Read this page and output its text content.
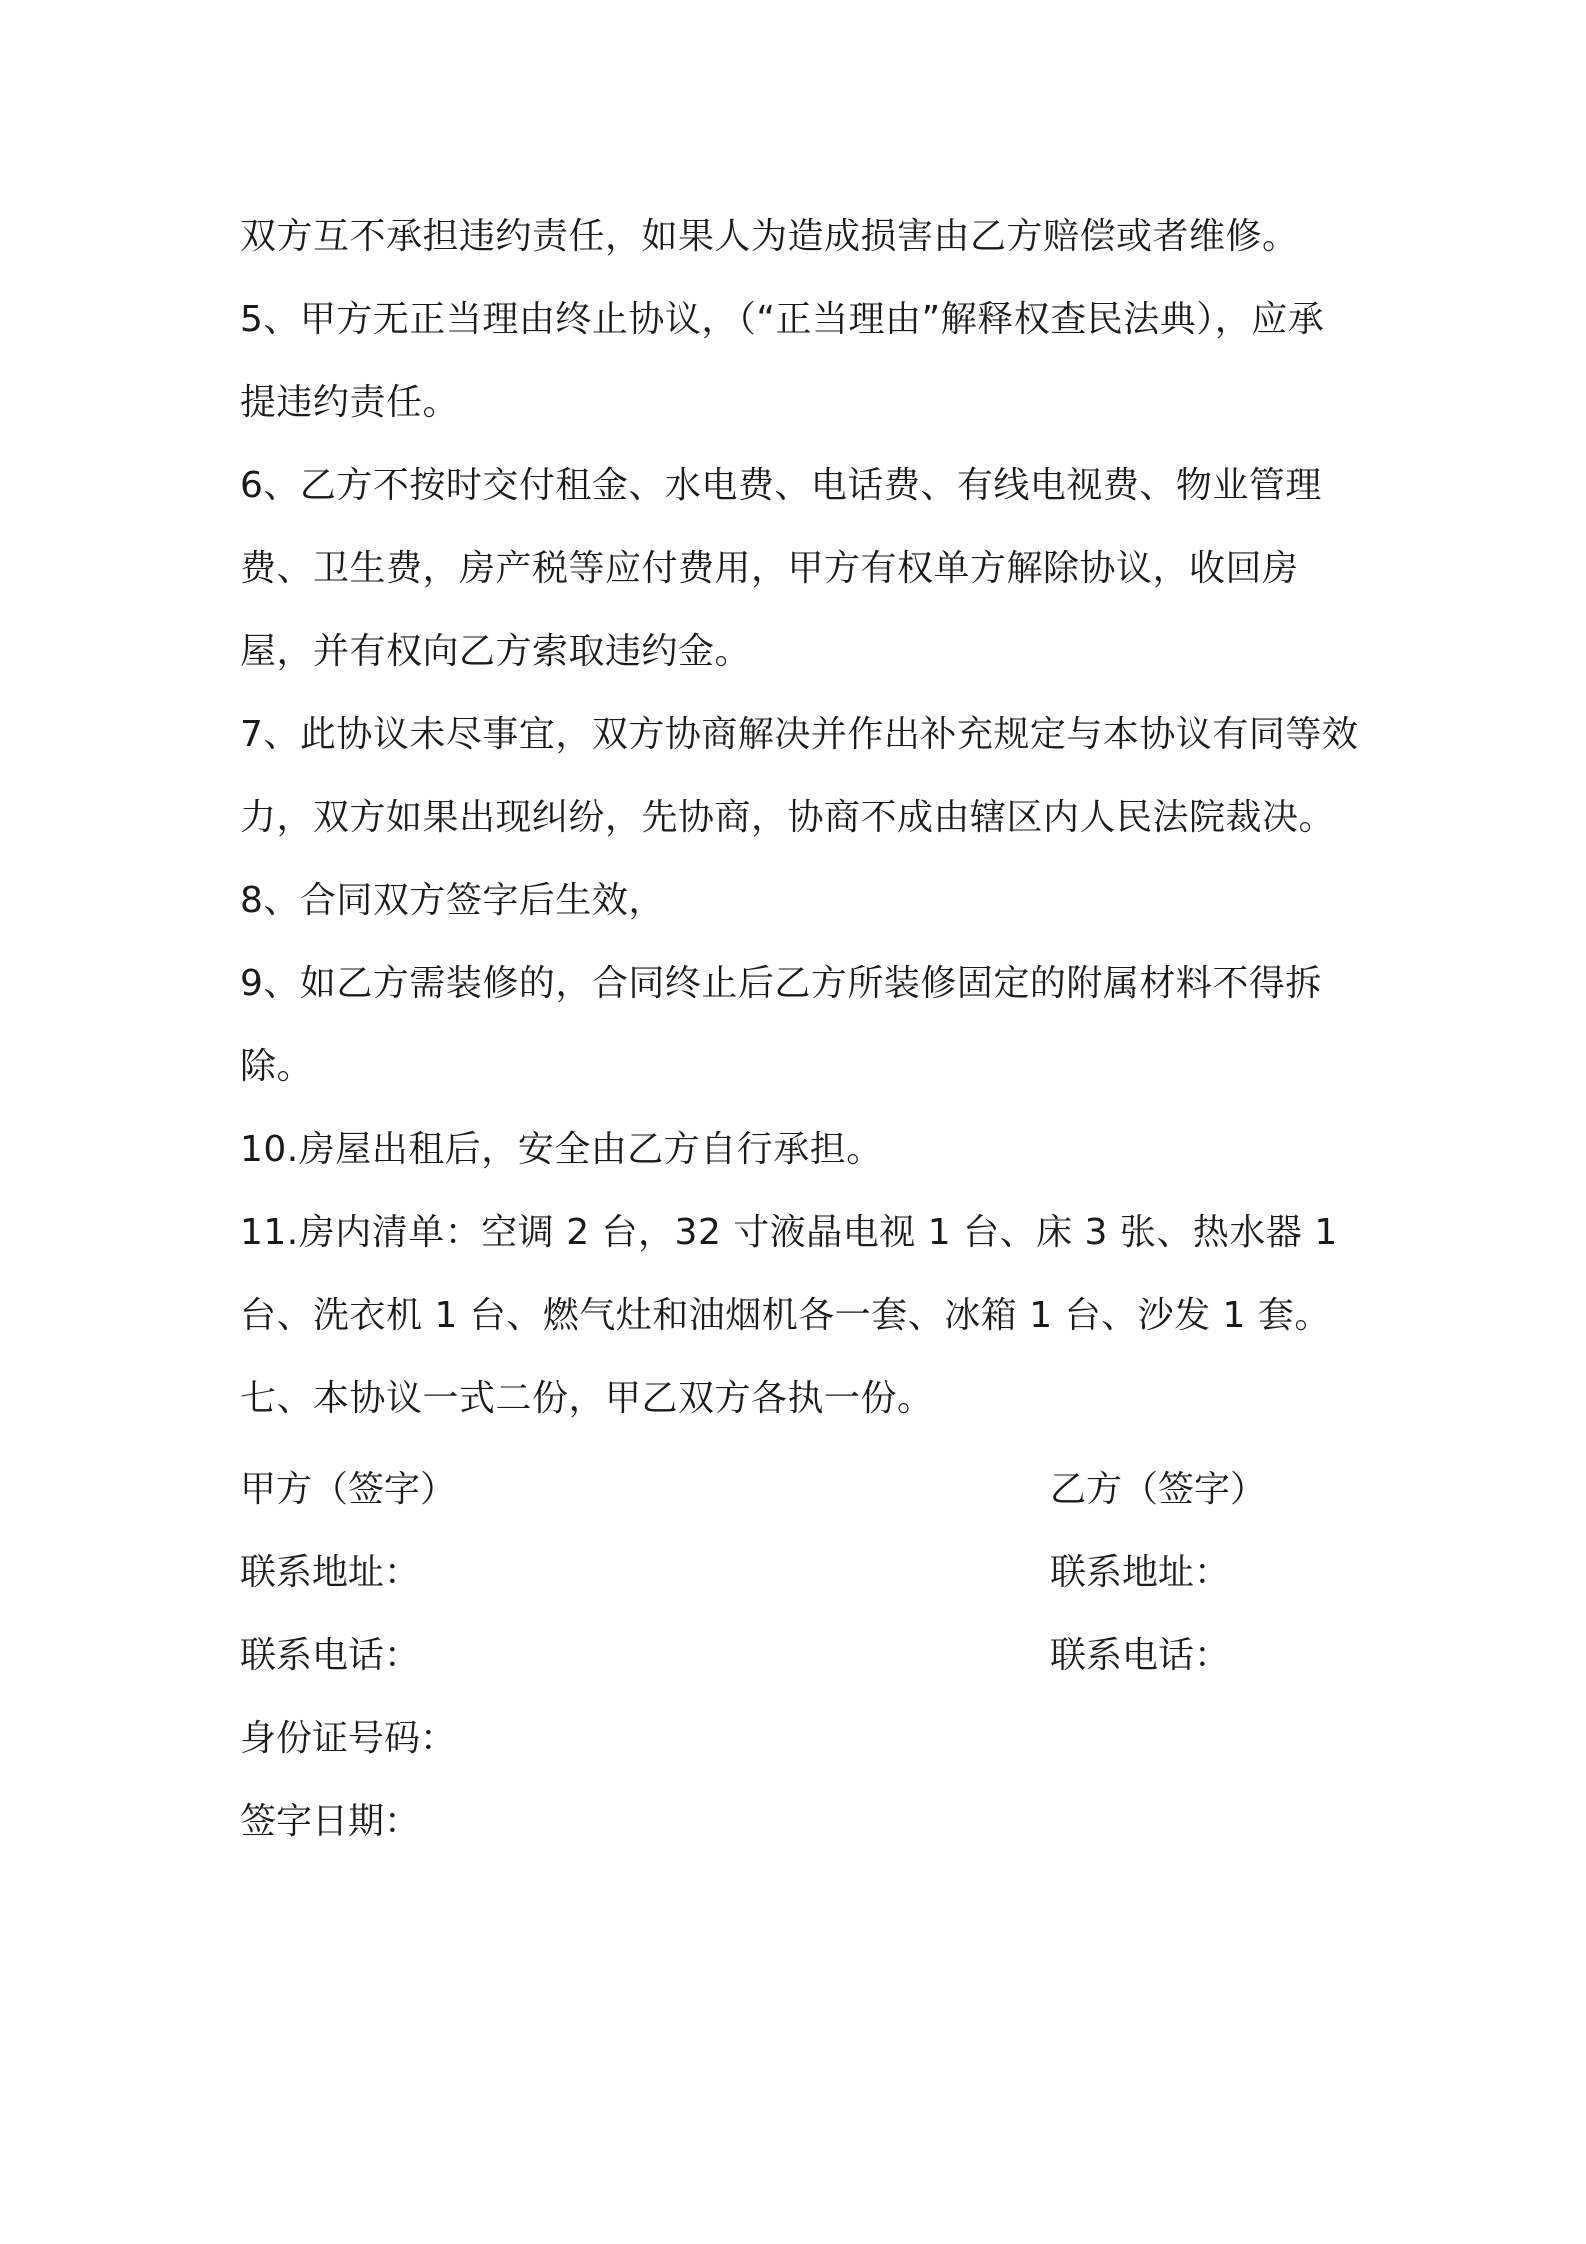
双方互不承担违约责任，如果人为造成损害由乙方赔偿或者维修。

5、甲方无正当理由终止协议，（“正当理由”解释权查民法典），应承提违约责任。

6、乙方不按时交付租金、水电费、电话费、有线电视费、物业管理费、卫生费，房产税等应付费用，甲方有权单方解除协议，收回房屋，并有权向乙方索取违约金。

7、此协议未尽事宜，双方协商解决并作出补充规定与本协议有同等效力，双方如果出现纠纷，先协商，协商不成由辖区内人民法院裁决。

8、合同双方签字后生效，

9、如乙方需装修的，合同终止后乙方所装修固定的附属材料不得拆除。

10.房屋出租后，安全由乙方自行承担。

11.房内清单：空调 2 台，32 寸液晶电视 1 台、床 3 张、热水器 1 台、洗衣机 1 台、燃气灶和油烟机各一套、冰箱 1 台、沙发 1 套。

七、本协议一式二份，甲乙双方各执一份。

甲方（签字）	乙方（签字）
联系地址：	联系地址：
联系电话：	联系电话：
身份证号码：
签字日期：
